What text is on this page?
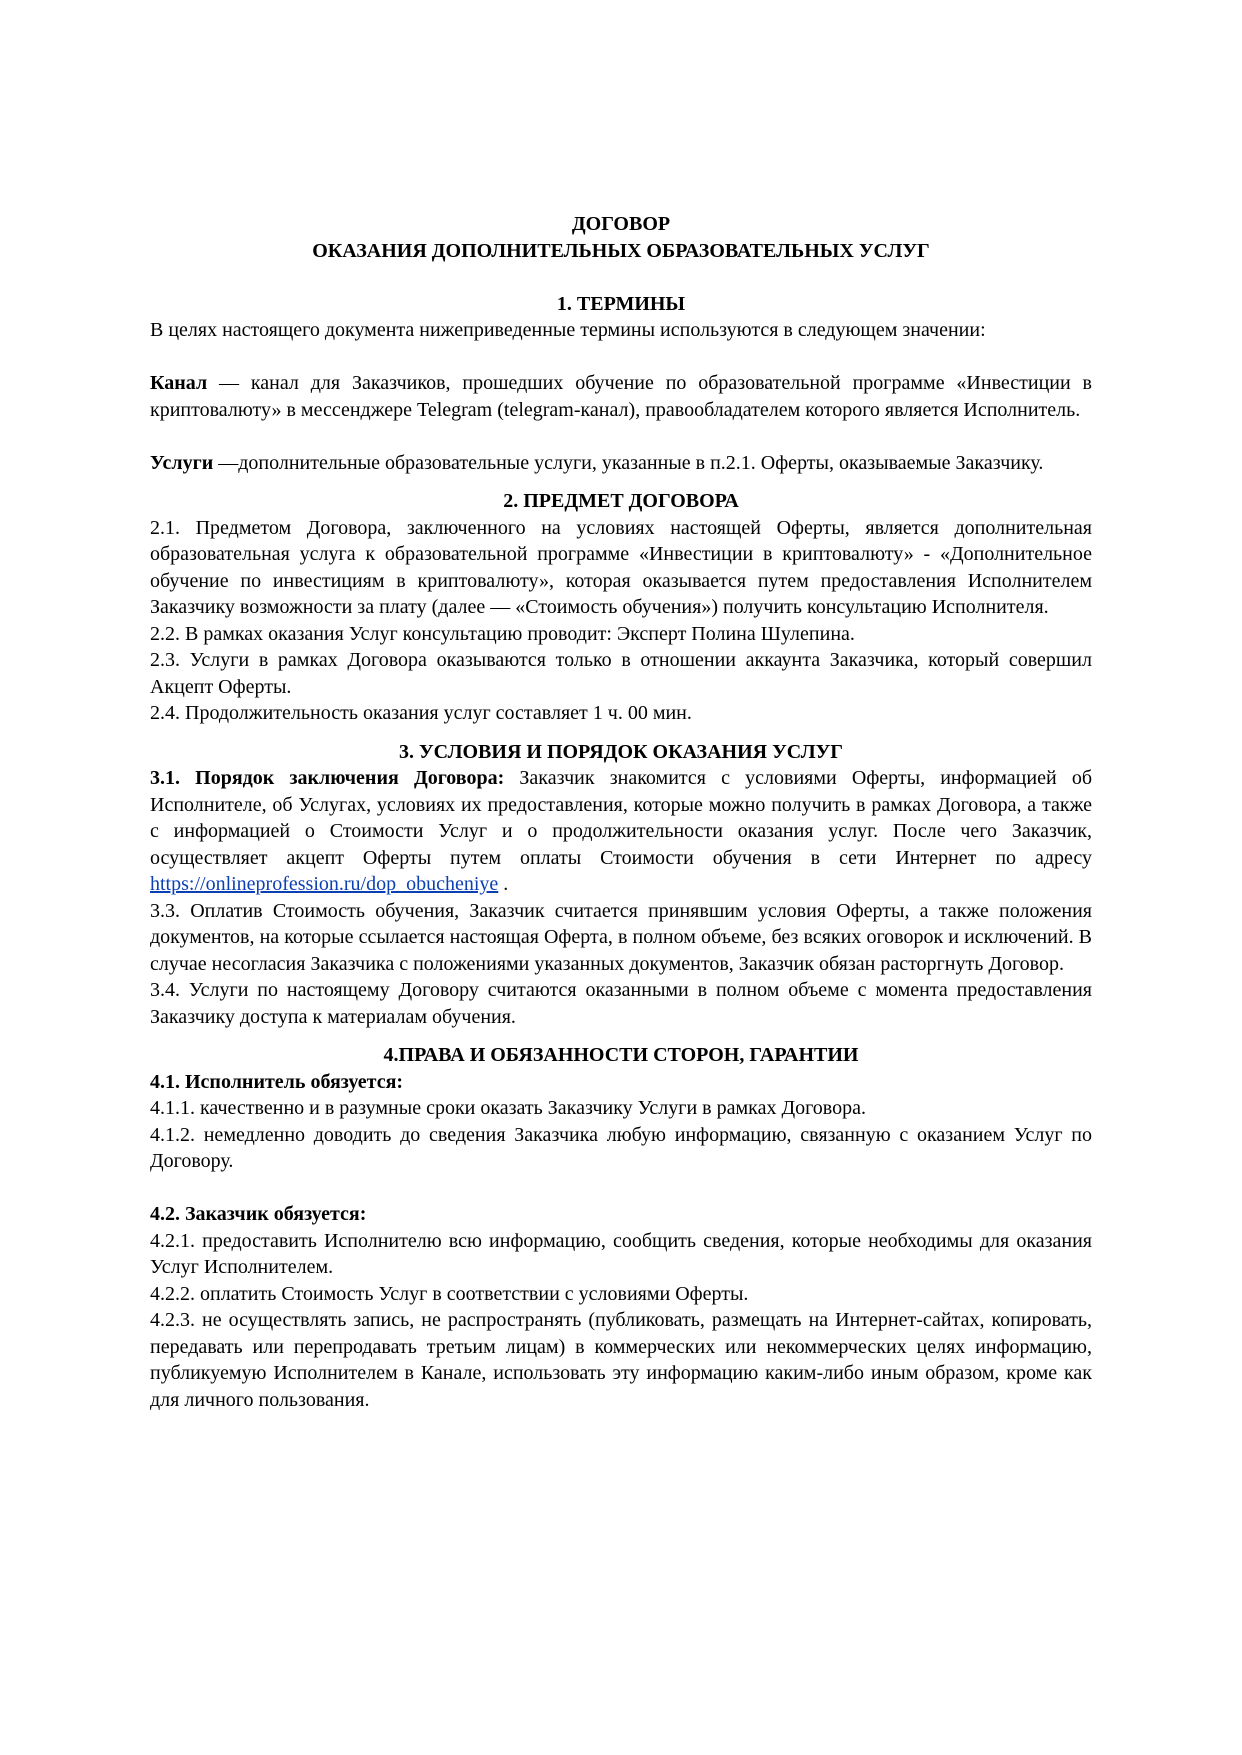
ДОГОВОР
ОКАЗАНИЯ ДОПОЛНИТЕЛЬНЫХ ОБРАЗОВАТЕЛЬНЫХ УСЛУГ
1. ТЕРМИНЫ

В целях настоящего документа нижеприведенные термины используются в следующем значении:

Канал — канал для Заказчиков, прошедших обучение по образовательной программе «Инвестиции в криптовалюту» в мессенджере Telegram (telegram-канал), правообладателем которого является Исполнитель.

Услуги —дополнительные образовательные услуги, указанные в п.2.1. Оферты, оказываемые Заказчику.

2. ПРЕДМЕТ ДОГОВОРА

2.1. Предметом Договора, заключенного на условиях настоящей Оферты, является дополнительная образовательная услуга к образовательной программе «Инвестиции в криптовалюту» - «Дополнительное обучение по инвестициям в криптовалюту», которая оказывается путем предоставления Исполнителем Заказчику возможности за плату (далее — «Стоимость обучения») получить консультацию Исполнителя.

2.2. В рамках оказания Услуг консультацию проводит: Эксперт Полина Шулепина.

2.3. Услуги в рамках Договора оказываются только в отношении аккаунта Заказчика, который совершил Акцепт Оферты.

2.4. Продолжительность оказания услуг составляет 1 ч. 00 мин.

3. УСЛОВИЯ И ПОРЯДОК ОКАЗАНИЯ УСЛУГ

3.1. Порядок заключения Договора: Заказчик знакомится с условиями Оферты, информацией об Исполнителе, об Услугах, условиях их предоставления, которые можно получить в рамках Договора, а также с информацией о Стоимости Услуг и о продолжительности оказания услуг. После чего Заказчик, осуществляет акцепт Оферты путем оплаты Стоимости обучения в сети Интернет по адресу https://onlineprofession.ru/dop_obucheniye .

3.3. Оплатив Стоимость обучения, Заказчик считается принявшим условия Оферты, а также положения документов, на которые ссылается настоящая Оферта, в полном объеме, без всяких оговорок и исключений. В случае несогласия Заказчика с положениями указанных документов, Заказчик обязан расторгнуть Договор.

3.4. Услуги по настоящему Договору считаются оказанными в полном объеме с момента предоставления Заказчику доступа к материалам обучения.

4.ПРАВА И ОБЯЗАННОСТИ СТОРОН, ГАРАНТИИ

4.1. Исполнитель обязуется:

4.1.1. качественно и в разумные сроки оказать Заказчику Услуги в рамках Договора.

4.1.2. немедленно доводить до сведения Заказчика любую информацию, связанную с оказанием Услуг по Договору.

4.2. Заказчик обязуется:

4.2.1. предоставить Исполнителю всю информацию, сообщить сведения, которые необходимы для оказания Услуг Исполнителем.

4.2.2. оплатить Стоимость Услуг в соответствии с условиями Оферты.

4.2.3. не осуществлять запись, не распространять (публиковать, размещать на Интернет-сайтах, копировать, передавать или перепродавать третьим лицам) в коммерческих или некоммерческих целях информацию, публикуемую Исполнителем в Канале, использовать эту информацию каким-либо иным образом, кроме как для личного пользования.
